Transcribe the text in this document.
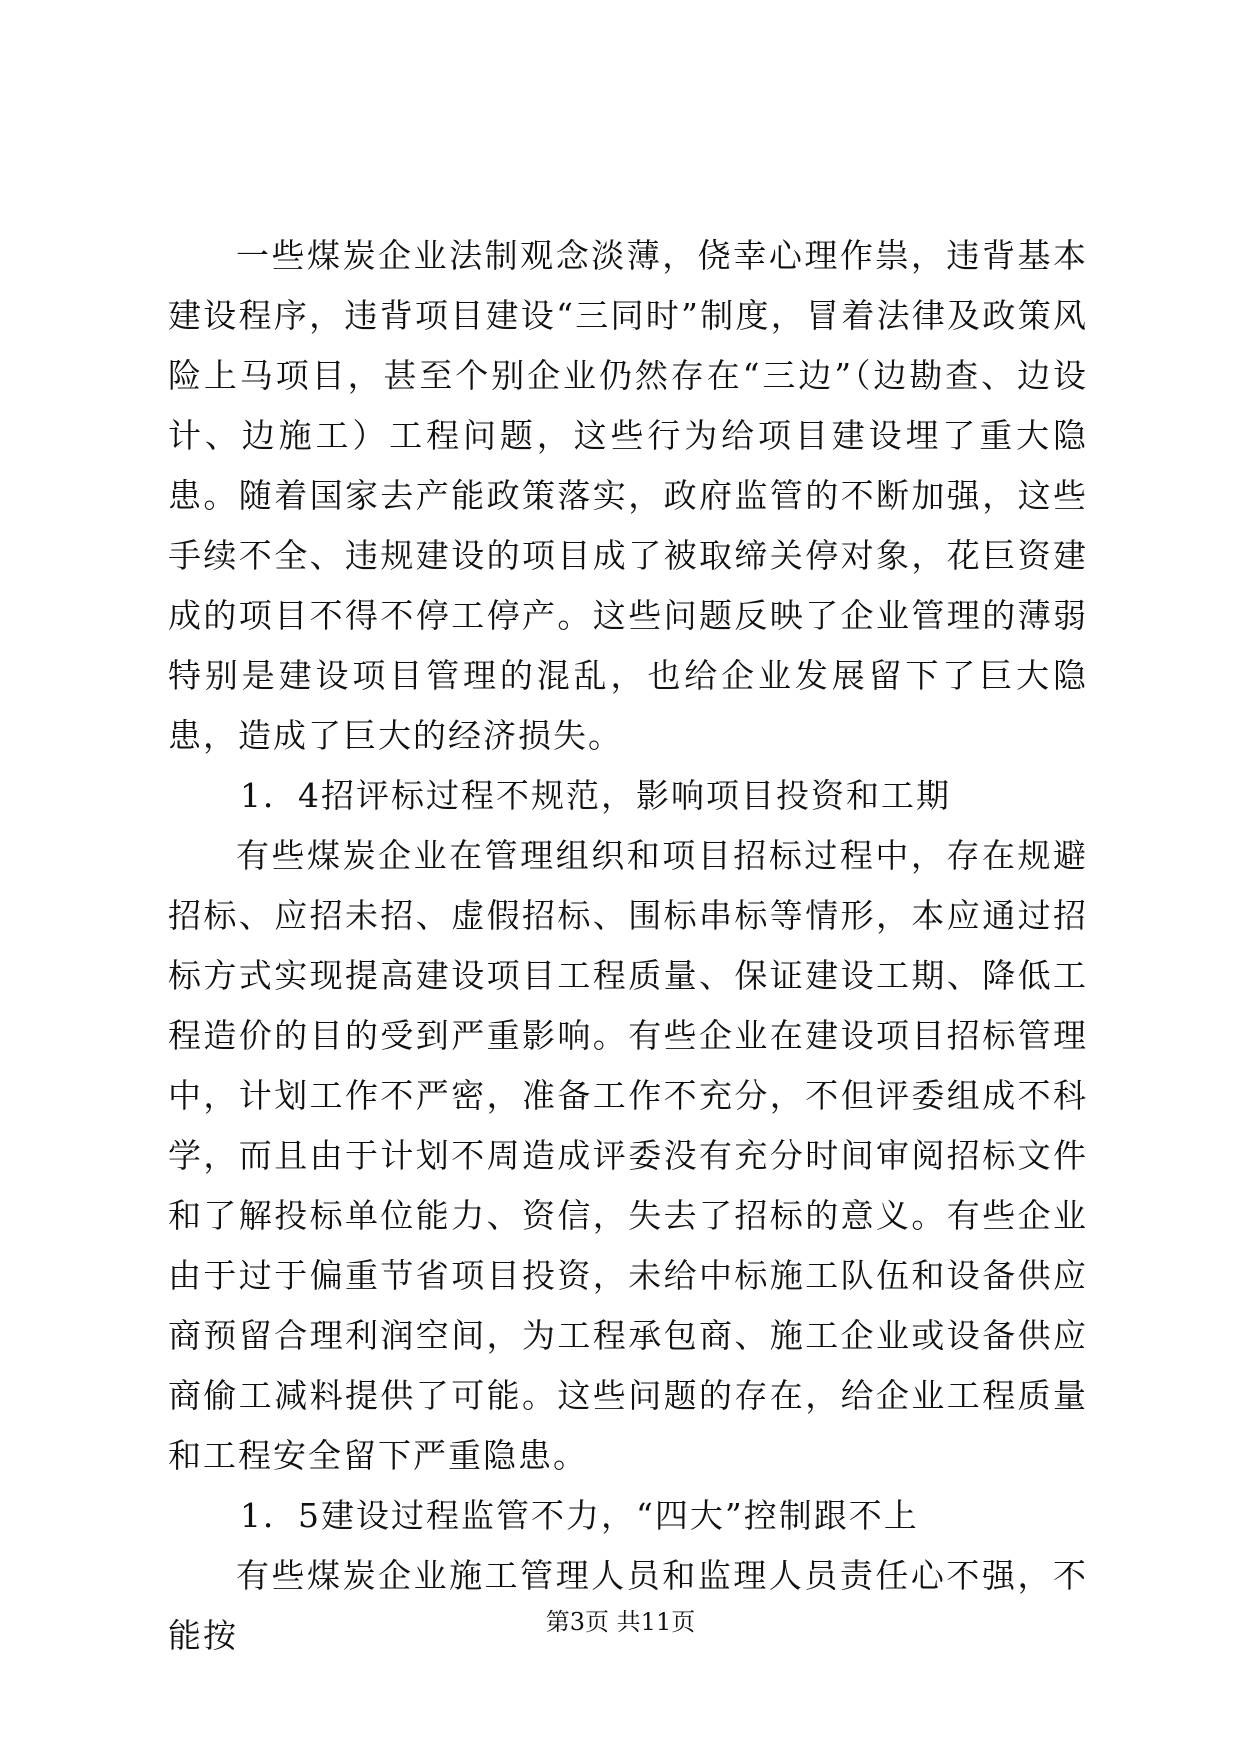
一些煤炭企业法制观念淡薄，侥幸心理作祟，违背基本建设程序，违背项目建设“三同时”制度，冒着法律及政策风险上马项目，甚至个别企业仍然存在“三边”（边勘查、边设计、边施工）工程问题，这些行为给项目建设埋了重大隐患。随着国家去产能政策落实，政府监管的不断加强，这些手续不全、违规建设的项目成了被取缔关停对象，花巨资建成的项目不得不停工停产。这些问题反映了企业管理的薄弱特别是建设项目管理的混乱，也给企业发展留下了巨大隐患，造成了巨大的经济损失。

1．4招评标过程不规范，影响项目投资和工期

有些煤炭企业在管理组织和项目招标过程中，存在规避招标、应招未招、虚假招标、围标串标等情形，本应通过招标方式实现提高建设项目工程质量、保证建设工期、降低工程造价的目的受到严重影响。有些企业在建设项目招标管理中，计划工作不严密，准备工作不充分，不但评委组成不科学，而且由于计划不周造成评委没有充分时间审阅招标文件和了解投标单位能力、资信，失去了招标的意义。有些企业由于过于偏重节省项目投资，未给中标施工队伍和设备供应商预留合理利润空间，为工程承包商、施工企业或设备供应商偷工减料提供了可能。这些问题的存在，给企业工程质量和工程安全留下严重隐患。

1．5建设过程监管不力，“四大”控制跟不上

有些煤炭企业施工管理人员和监理人员责任心不强，不能按	第3页 共11页
